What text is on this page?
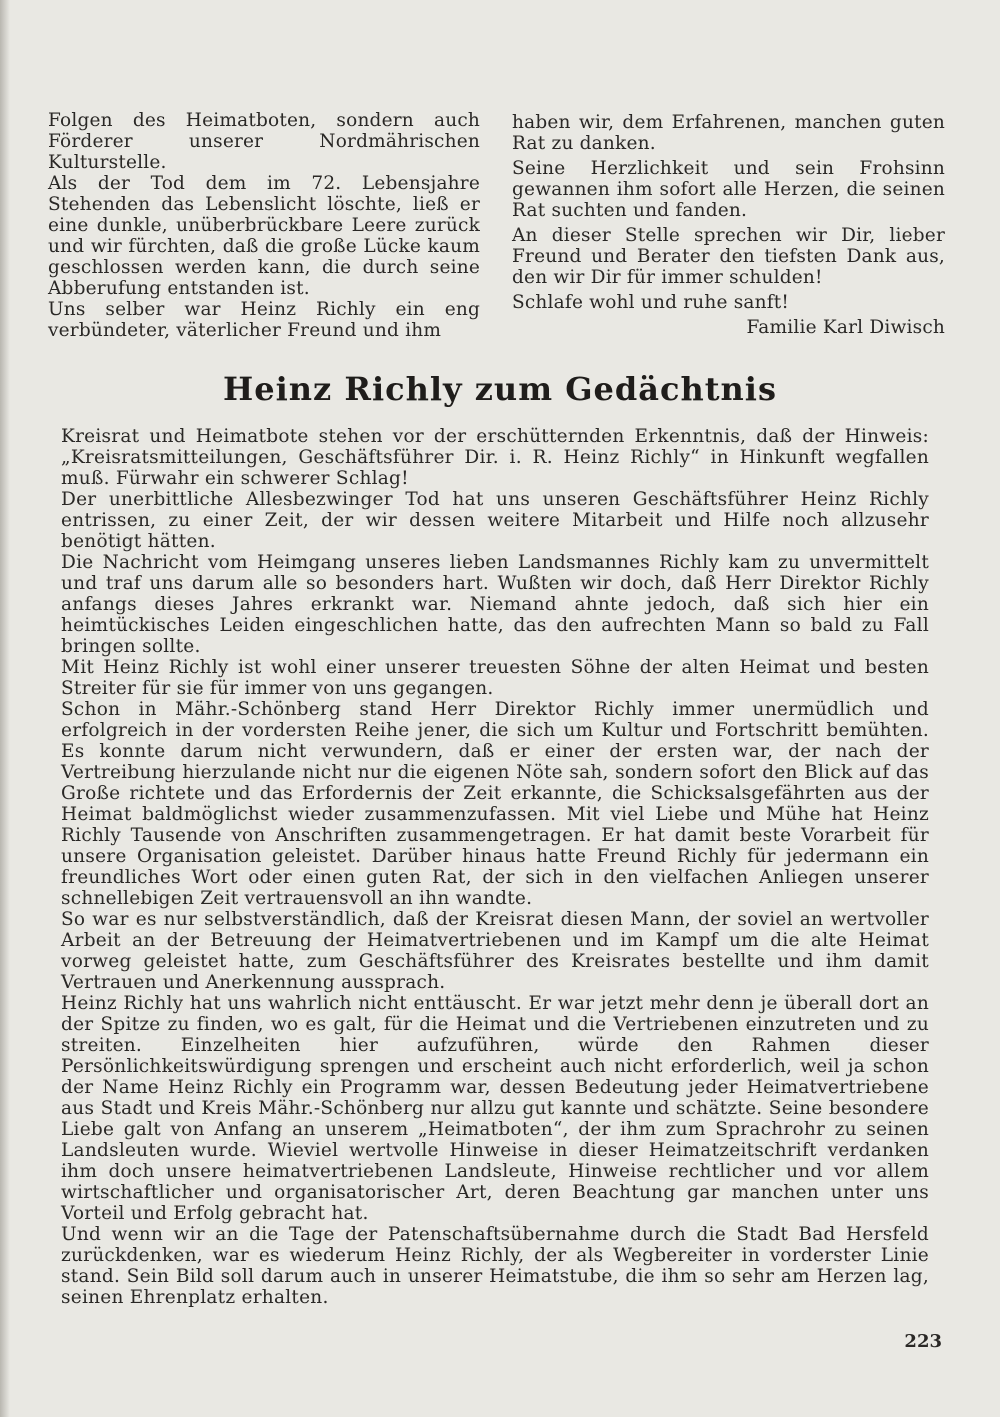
Folgen des Heimatboten, sondern auch Förderer unserer Nordmährischen Kulturstelle.

Als der Tod dem im 72. Lebensjahre Stehenden das Lebenslicht löschte, ließ er eine dunkle, unüberbrückbare Leere zurück und wir fürchten, daß die große Lücke kaum geschlossen werden kann, die durch seine Abberufung entstanden ist.

Uns selber war Heinz Richly ein eng verbündeter, väterlicher Freund und ihm

haben wir, dem Erfahrenen, manchen guten Rat zu danken.

Seine Herzlichkeit und sein Frohsinn gewannen ihm sofort alle Herzen, die seinen Rat suchten und fanden.

An dieser Stelle sprechen wir Dir, lieber Freund und Berater den tiefsten Dank aus, den wir Dir für immer schulden!

Schlafe wohl und ruhe sanft!

Familie Karl Diwisch

Heinz Richly zum Gedächtnis

Kreisrat und Heimatbote stehen vor der erschütternden Erkenntnis, daß der Hinweis: „Kreisratsmitteilungen, Geschäftsführer Dir. i. R. Heinz Richly“ in Hinkunft wegfallen muß. Fürwahr ein schwerer Schlag!

Der unerbittliche Allesbezwinger Tod hat uns unseren Geschäftsführer Heinz Richly entrissen, zu einer Zeit, der wir dessen weitere Mitarbeit und Hilfe noch allzusehr benötigt hätten.

Die Nachricht vom Heimgang unseres lieben Landsmannes Richly kam zu unvermittelt und traf uns darum alle so besonders hart. Wußten wir doch, daß Herr Direktor Richly anfangs dieses Jahres erkrankt war. Niemand ahnte jedoch, daß sich hier ein heimtückisches Leiden eingeschlichen hatte, das den aufrechten Mann so bald zu Fall bringen sollte.

Mit Heinz Richly ist wohl einer unserer treuesten Söhne der alten Heimat und besten Streiter für sie für immer von uns gegangen.

Schon in Mähr.-Schönberg stand Herr Direktor Richly immer unermüdlich und erfolgreich in der vordersten Reihe jener, die sich um Kultur und Fortschritt bemühten. Es konnte darum nicht verwundern, daß er einer der ersten war, der nach der Vertreibung hierzulande nicht nur die eigenen Nöte sah, sondern sofort den Blick auf das Große richtete und das Erfordernis der Zeit erkannte, die Schicksalsgefährten aus der Heimat baldmöglichst wieder zusammenzufassen. Mit viel Liebe und Mühe hat Heinz Richly Tausende von Anschriften zusammengetragen. Er hat damit beste Vorarbeit für unsere Organisation geleistet. Darüber hinaus hatte Freund Richly für jedermann ein freundliches Wort oder einen guten Rat, der sich in den vielfachen Anliegen unserer schnellebigen Zeit vertrauensvoll an ihn wandte.

So war es nur selbstverständlich, daß der Kreisrat diesen Mann, der soviel an wertvoller Arbeit an der Betreuung der Heimatvertriebenen und im Kampf um die alte Heimat vorweg geleistet hatte, zum Geschäftsführer des Kreisrates bestellte und ihm damit Vertrauen und Anerkennung aussprach.

Heinz Richly hat uns wahrlich nicht enttäuscht. Er war jetzt mehr denn je überall dort an der Spitze zu finden, wo es galt, für die Heimat und die Vertriebenen einzutreten und zu streiten. Einzelheiten hier aufzuführen, würde den Rahmen dieser Persönlichkeitswürdigung sprengen und erscheint auch nicht erforderlich, weil ja schon der Name Heinz Richly ein Programm war, dessen Bedeutung jeder Heimatvertriebene aus Stadt und Kreis Mähr.-Schönberg nur allzu gut kannte und schätzte. Seine besondere Liebe galt von Anfang an unserem „Heimatboten“, der ihm zum Sprachrohr zu seinen Landsleuten wurde. Wieviel wertvolle Hinweise in dieser Heimatzeitschrift verdanken ihm doch unsere heimatvertriebenen Landsleute, Hinweise rechtlicher und vor allem wirtschaftlicher und organisatorischer Art, deren Beachtung gar manchen unter uns Vorteil und Erfolg gebracht hat.

Und wenn wir an die Tage der Patenschaftsübernahme durch die Stadt Bad Hersfeld zurückdenken, war es wiederum Heinz Richly, der als Wegbereiter in vorderster Linie stand. Sein Bild soll darum auch in unserer Heimatstube, die ihm so sehr am Herzen lag, seinen Ehrenplatz erhalten.

223
